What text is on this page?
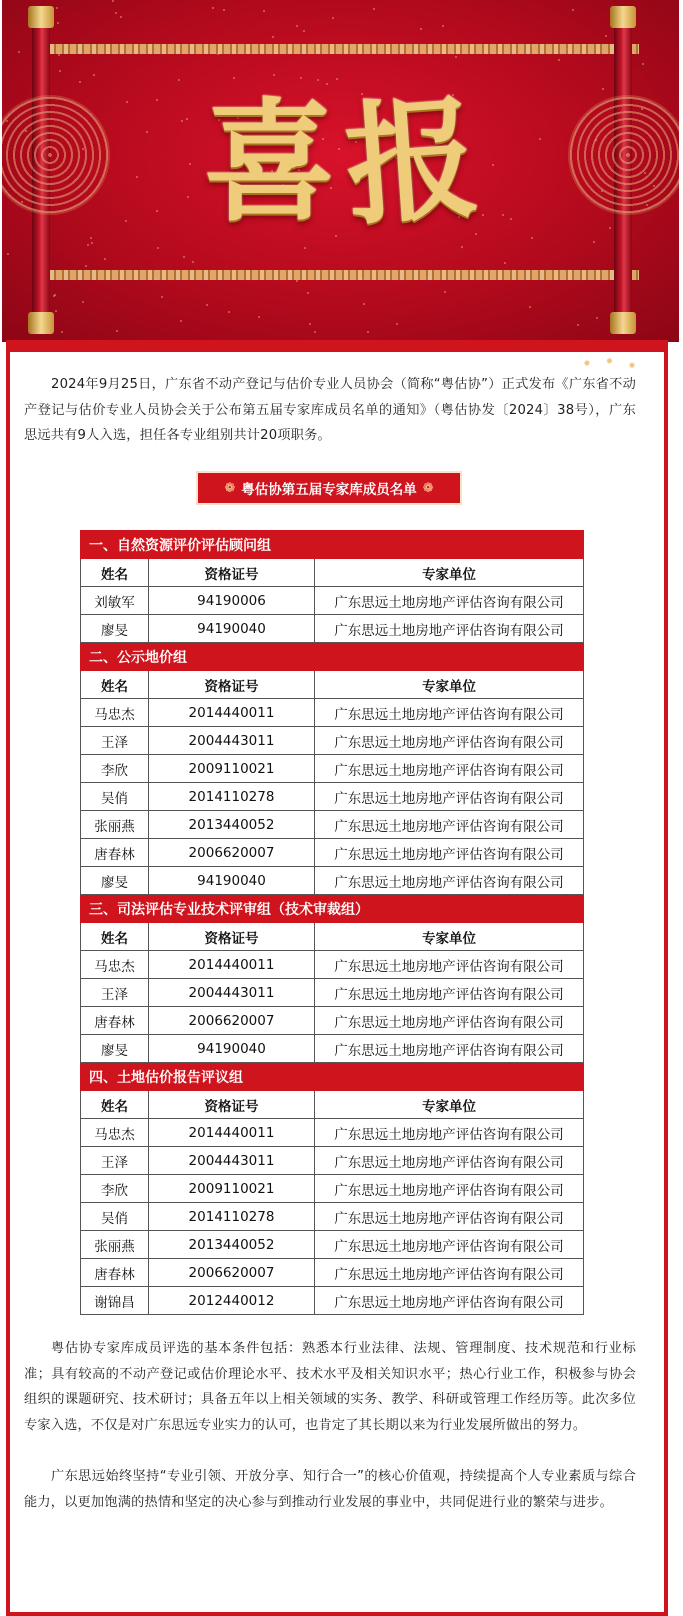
喜 报

2024年9月25日，广东省不动产登记与估价专业人员协会（简称“粤估协”）正式发布《广东省不动产登记与估价专业人员协会关于公布第五届专家库成员名单的通知》（粤估协发〔2024〕38号），广东思远共有9人入选，担任各专业组别共计20项职务。

❁ 粤估协第五届专家库成员名单 ❁
一、自然资源评价评估顾问组		
姓名	资格证号	专家单位
刘敏军	94190006	广东思远土地房地产评估咨询有限公司
廖旻	94190040	广东思远土地房地产评估咨询有限公司
二、公示地价组		
姓名	资格证号	专家单位
马忠杰	2014440011	广东思远土地房地产评估咨询有限公司
王泽	2004443011	广东思远土地房地产评估咨询有限公司
李欣	2009110021	广东思远土地房地产评估咨询有限公司
吴俏	2014110278	广东思远土地房地产评估咨询有限公司
张丽燕	2013440052	广东思远土地房地产评估咨询有限公司
唐春林	2006620007	广东思远土地房地产评估咨询有限公司
廖旻	94190040	广东思远土地房地产评估咨询有限公司
三、司法评估专业技术评审组（技术审裁组）		
姓名	资格证号	专家单位
马忠杰	2014440011	广东思远土地房地产评估咨询有限公司
王泽	2004443011	广东思远土地房地产评估咨询有限公司
唐春林	2006620007	广东思远土地房地产评估咨询有限公司
廖旻	94190040	广东思远土地房地产评估咨询有限公司
四、土地估价报告评议组		
姓名	资格证号	专家单位
马忠杰	2014440011	广东思远土地房地产评估咨询有限公司
王泽	2004443011	广东思远土地房地产评估咨询有限公司
李欣	2009110021	广东思远土地房地产评估咨询有限公司
吴俏	2014110278	广东思远土地房地产评估咨询有限公司
张丽燕	2013440052	广东思远土地房地产评估咨询有限公司
唐春林	2006620007	广东思远土地房地产评估咨询有限公司
谢锦昌	2012440012	广东思远土地房地产评估咨询有限公司

粤估协专家库成员评选的基本条件包括：熟悉本行业法律、法规、管理制度、技术规范和行业标准；具有较高的不动产登记或估价理论水平、技术水平及相关知识水平；热心行业工作，积极参与协会组织的课题研究、技术研讨；具备五年以上相关领域的实务、教学、科研或管理工作经历等。此次多位专家入选，不仅是对广东思远专业实力的认可，也肯定了其长期以来为行业发展所做出的努力。

广东思远始终坚持“专业引领、开放分享、知行合一”的核心价值观，持续提高个人专业素质与综合能力，以更加饱满的热情和坚定的决心参与到推动行业发展的事业中，共同促进行业的繁荣与进步。
